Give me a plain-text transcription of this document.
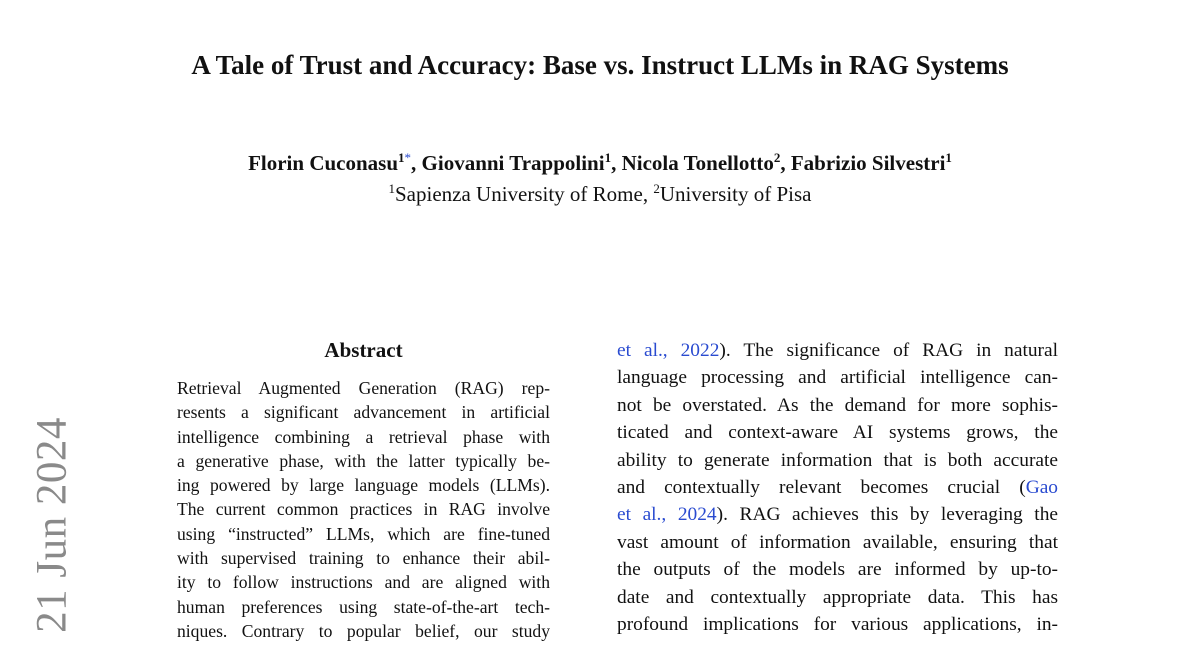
A Tale of Trust and Accuracy: Base vs. Instruct LLMs in RAG Systems
Florin Cuconasu$^{1*}$, Giovanni Trappolini$^1$, Nicola Tonellotto$^2$, Fabrizio Silvestri$^1$
$^1$Sapienza University of Rome, $^2$University of Pisa
21 Jun 2024
Abstract
Retrieval Augmented Generation (RAG) rep-
resents a significant advancement in artificial
intelligence combining a retrieval phase with
a generative phase, with the latter typically be-
ing powered by large language models (LLMs).
The current common practices in RAG involve
using “instructed” LLMs, which are fine-tuned
with supervised training to enhance their abil-
ity to follow instructions and are aligned with
human preferences using state-of-the-art tech-
niques. Contrary to popular belief, our study
et al., 2022). The significance of RAG in natural
language processing and artificial intelligence can-
not be overstated. As the demand for more sophis-
ticated and context-aware AI systems grows, the
ability to generate information that is both accurate
and contextually relevant becomes crucial (Gao
et al., 2024). RAG achieves this by leveraging the
vast amount of information available, ensuring that
the outputs of the models are informed by up-to-
date and contextually appropriate data. This has
profound implications for various applications, in-
